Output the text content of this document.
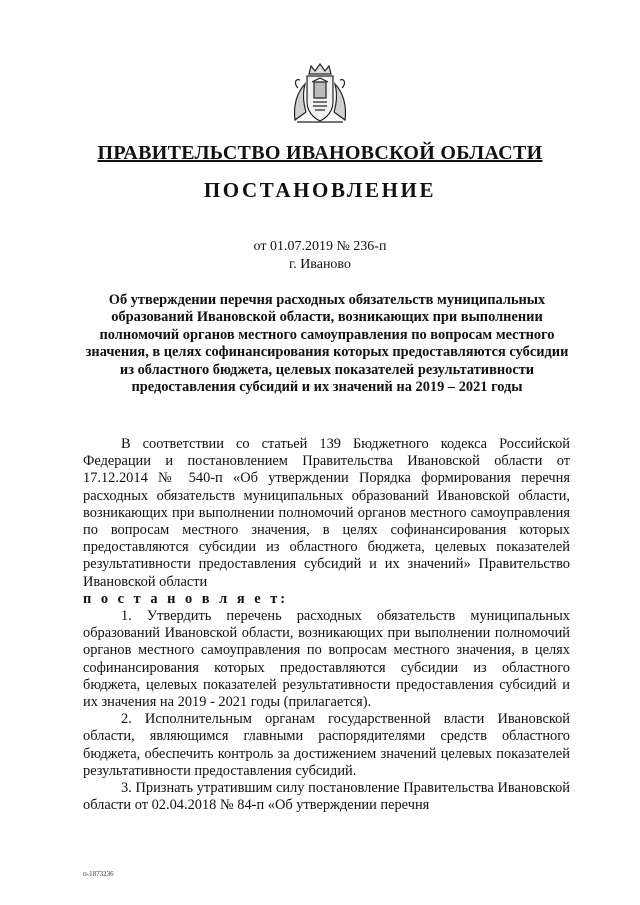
ПРАВИТЕЛЬСТВО ИВАНОВСКОЙ ОБЛАСТИ
ПОСТАНОВЛЕНИЕ
от 01.07.2019 № 236-п
г. Иваново
Об утверждении перечня расходных обязательств муниципальных образований Ивановской области, возникающих при выполнении полномочий органов местного самоуправления по вопросам местного значения, в целях софинансирования которых предоставляются субсидии из областного бюджета, целевых показателей результативности предоставления субсидий и их значений на 2019 – 2021 годы

В соответствии со статьей 139 Бюджетного кодекса Российской Федерации и постановлением Правительства Ивановской области от 17.12.2014 № 540-п «Об утверждении Порядка формирования перечня расходных обязательств муниципальных образований Ивановской области, возникающих при выполнении полномочий органов местного самоуправления по вопросам местного значения, в целях софинансирования которых предоставляются субсидии из областного бюджета, целевых показателей результативности предоставления субсидий и их значений» Правительство Ивановской области

п о с т а н о в л я е т:

1. Утвердить перечень расходных обязательств муниципальных образований Ивановской области, возникающих при выполнении полномочий органов местного самоуправления по вопросам местного значения, в целях софинансирования которых предоставляются субсидии из областного бюджета, целевых показателей результативности предоставления субсидий и их значения на 2019 - 2021 годы (прилагается).

2. Исполнительным органам государственной власти Ивановской области, являющимся главными распорядителями средств областного бюджета, обеспечить контроль за достижением значений целевых показателей результативности предоставления субсидий.

3. Признать утратившим силу постановление Правительства Ивановской области от 02.04.2018 № 84-п «Об утверждении перечня

п-1873236
